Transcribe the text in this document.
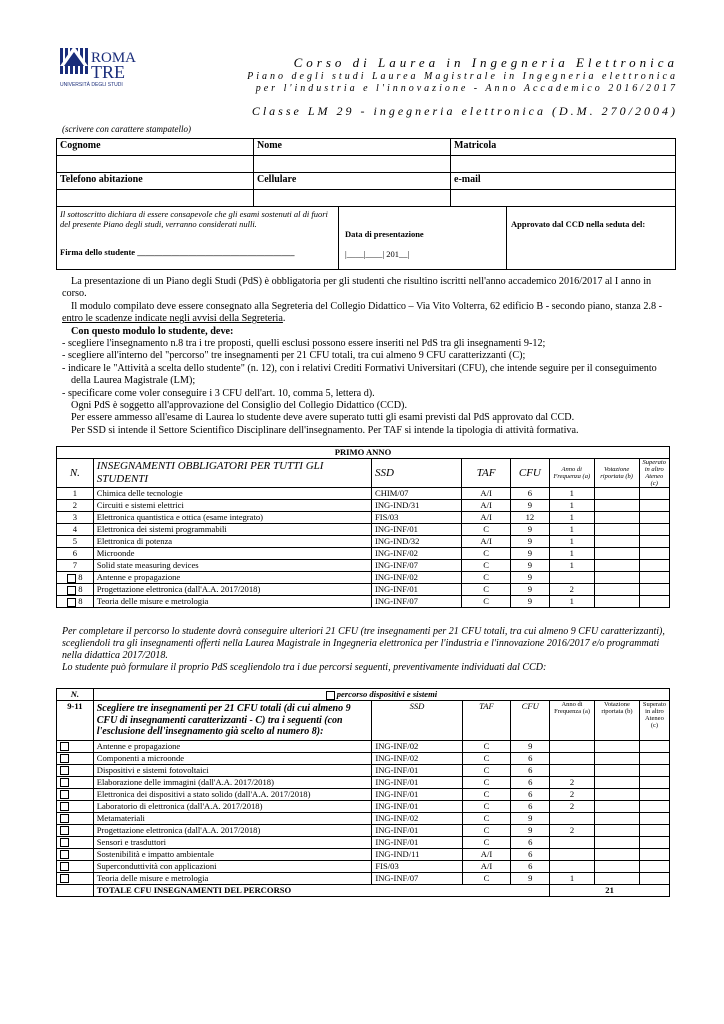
ROMA
TRE
UNIVERSITÀ DEGLI STUDI
Corso di Laurea in Ingegneria Elettronica
Piano degli studi Laurea Magistrale in Ingegneria elettronica
per l'industria e l'innovazione - Anno Accademico 2016/2017
Classe LM 29 - ingegneria elettronica (D.M. 270/2004)
(scrivere con carattere stampatello)
Cognome	Nome	Matricola

Telefono abitazione	Cellulare	e-mail

Il sottoscritto dichiara di essere consapevole che gli esami sostenuti al di fuori del presente Piano degli studi, verranno considerati nulli.
Firma dello studente _____________________________________
Data di presentazione
|____|____| 201__|
Approvato dal CCD nella seduta del:

La presentazione di un Piano degli Studi (PdS) è obbligatoria per gli studenti che risultino iscritti nell'anno accademico 2016/2017 al I anno in corso.

Il modulo compilato deve essere consegnato alla Segreteria del Collegio Didattico – Via Vito Volterra, 62 edificio B - secondo piano, stanza 2.8 - entro le scadenze indicate negli avvisi della Segreteria.

Con questo modulo lo studente, deve:

- scegliere l'insegnamento n.8 tra i tre proposti, quelli esclusi possono essere inseriti nel PdS tra gli insegnamenti 9-12;

- scegliere all'interno del "percorso" tre insegnamenti per 21 CFU totali, tra cui almeno 9 CFU caratterizzanti (C);

- indicare le "Attività a scelta dello studente" (n. 12), con i relativi Crediti Formativi Universitari (CFU), che intende seguire per il conseguimento della Laurea Magistrale (LM);

- specificare come voler conseguire i 3 CFU dell'art. 10, comma 5, lettera d).

Ogni PdS è soggetto all'approvazione del Consiglio del Collegio Didattico (CCD).

Per essere ammesso all'esame di Laurea lo studente deve avere superato tutti gli esami previsti dal PdS approvato dal CCD.

Per SSD si intende il Settore Scientifico Disciplinare dell'insegnamento. Per TAF si intende la tipologia di attività formativa.

PRIMO ANNO							
N.	INSEGNAMENTI OBBLIGATORI PER TUTTI GLI STUDENTI	SSD	TAF	CFU	Anno di Frequenza (a)	Votazione riportata (b)	Superato in altro Ateneo (c)
1	Chimica delle tecnologie	CHIM/07	A/I	6	1		
2	Circuiti e sistemi elettrici	ING-IND/31	A/I	9	1		
3	Elettronica quantistica e ottica (esame integrato)	FIS/03	A/I	12	1		
4	Elettronica dei sistemi programmabili	ING-INF/01	C	9	1		
5	Elettronica di potenza	ING-IND/32	A/I	9	1		
6	Microonde	ING-INF/02	C	9	1		
7	Solid state measuring devices	ING-INF/07	C	9	1		
8	Antenne e propagazione	ING-INF/02	C	9			
8	Progettazione elettronica (dall'A.A. 2017/2018)	ING-INF/01	C	9	2		
8	Teoria delle misure e metrologia	ING-INF/07	C	9	1		
Per completare il percorso lo studente dovrà conseguire ulteriori 21 CFU (tre insegnamenti per 21 CFU totali, tra cui almeno 9 CFU caratterizzanti), scegliendoli tra gli insegnamenti offerti nella Laurea Magistrale in Ingegneria elettronica per l'industria e l'innovazione 2016/2017 e/o programmati nella didattica 2017/2018.
Lo studente può formulare il proprio PdS scegliendolo tra i due percorsi seguenti, preventivamente individuati dal CCD:
N.	percorso dispositivi e sistemi						
9-11	Scegliere tre insegnamenti per 21 CFU totali (di cui almeno 9 CFU di insegnamenti caratterizzanti - C) tra i seguenti (con l'esclusione dell'insegnamento già scelto al numero 8):	SSD	TAF	CFU	Anno di Frequenza (a)	Votazione riportata (b)	Superato in altro Ateneo (c)
	Antenne e propagazione	ING-INF/02	C	9			
	Componenti a microonde	ING-INF/02	C	6			
	Dispositivi e sistemi fotovoltaici	ING-INF/01	C	6			
	Elaborazione delle immagini (dall'A.A. 2017/2018)	ING-INF/01	C	6	2		
	Elettronica dei dispositivi a stato solido (dall'A.A. 2017/2018)	ING-INF/01	C	6	2		
	Laboratorio di elettronica (dall'A.A. 2017/2018)	ING-INF/01	C	6	2		
	Metamateriali	ING-INF/02	C	9			
	Progettazione elettronica (dall'A.A. 2017/2018)	ING-INF/01	C	9	2		
	Sensori e trasduttori	ING-INF/01	C	6			
	Sostenibilità e impatto ambientale	ING-IND/11	A/I	6			
	Superconduttività con applicazioni	FIS/03	A/I	6			
	Teoria delle misure e metrologia	ING-INF/07	C	9	1		
	TOTALE CFU INSEGNAMENTI DEL PERCORSO				21		
